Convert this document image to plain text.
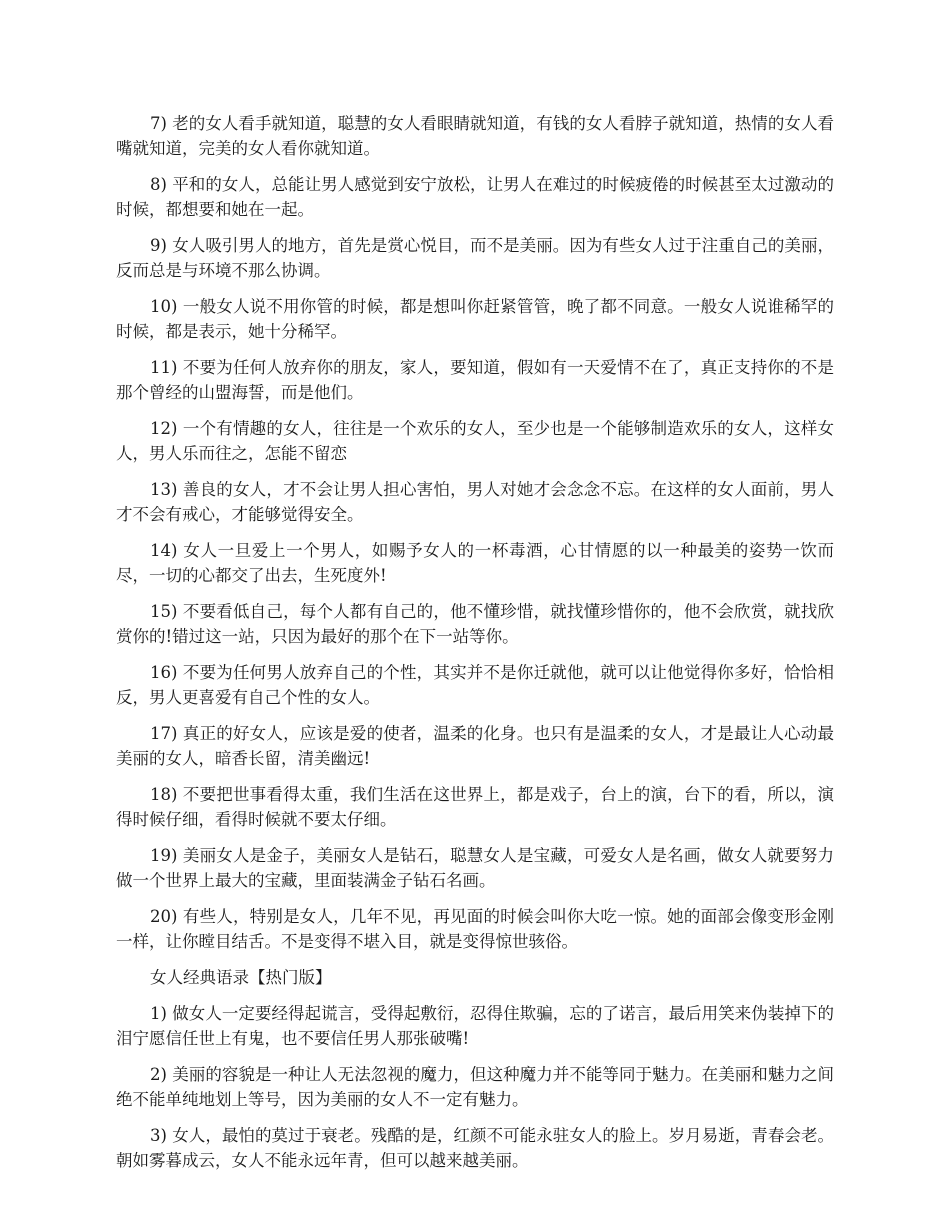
7) 老的女人看手就知道，聪慧的女人看眼睛就知道，有钱的女人看脖子就知道，热情的女人看嘴就知道，完美的女人看你就知道。

8) 平和的女人，总能让男人感觉到安宁放松，让男人在难过的时候疲倦的时候甚至太过激动的时候，都想要和她在一起。

9) 女人吸引男人的地方，首先是赏心悦目，而不是美丽。因为有些女人过于注重自己的美丽，反而总是与环境不那么协调。

10) 一般女人说不用你管的时候，都是想叫你赶紧管管，晚了都不同意。一般女人说谁稀罕的时候，都是表示，她十分稀罕。

11) 不要为任何人放弃你的朋友，家人，要知道，假如有一天爱情不在了，真正支持你的不是那个曾经的山盟海誓，而是他们。

12) 一个有情趣的女人，往往是一个欢乐的女人，至少也是一个能够制造欢乐的女人，这样女人，男人乐而往之，怎能不留恋

13) 善良的女人，才不会让男人担心害怕，男人对她才会念念不忘。在这样的女人面前，男人才不会有戒心，才能够觉得安全。

14) 女人一旦爱上一个男人，如赐予女人的一杯毒酒，心甘情愿的以一种最美的姿势一饮而尽，一切的心都交了出去，生死度外!

15) 不要看低自己，每个人都有自己的，他不懂珍惜，就找懂珍惜你的，他不会欣赏，就找欣赏你的!错过这一站，只因为最好的那个在下一站等你。

16) 不要为任何男人放弃自己的个性，其实并不是你迁就他，就可以让他觉得你多好，恰恰相反，男人更喜爱有自己个性的女人。

17) 真正的好女人，应该是爱的使者，温柔的化身。也只有是温柔的女人，才是最让人心动最美丽的女人，暗香长留，清美幽远!

18) 不要把世事看得太重，我们生活在这世界上，都是戏子，台上的演，台下的看，所以，演得时候仔细，看得时候就不要太仔细。

19) 美丽女人是金子，美丽女人是钻石，聪慧女人是宝藏，可爱女人是名画，做女人就要努力做一个世界上最大的宝藏，里面装满金子钻石名画。

20) 有些人，特别是女人，几年不见，再见面的时候会叫你大吃一惊。她的面部会像变形金刚一样，让你瞠目结舌。不是变得不堪入目，就是变得惊世骇俗。

女人经典语录【热门版】

1) 做女人一定要经得起谎言，受得起敷衍，忍得住欺骗，忘的了诺言，最后用笑来伪装掉下的泪宁愿信任世上有鬼，也不要信任男人那张破嘴!

2) 美丽的容貌是一种让人无法忽视的魔力，但这种魔力并不能等同于魅力。在美丽和魅力之间绝不能单纯地划上等号，因为美丽的女人不一定有魅力。

3) 女人，最怕的莫过于衰老。残酷的是，红颜不可能永驻女人的脸上。岁月易逝，青春会老。朝如雾暮成云，女人不能永远年青，但可以越来越美丽。
